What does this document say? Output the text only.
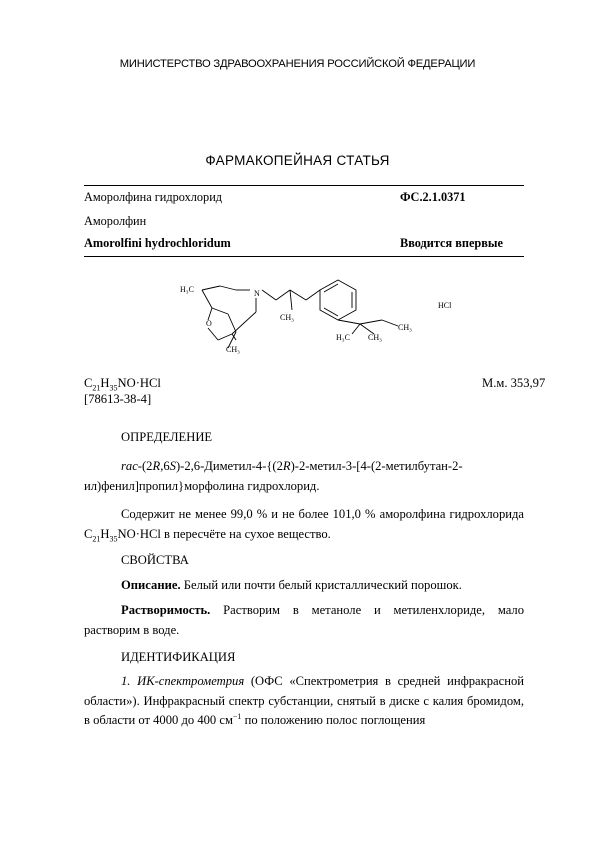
МИНИСТЕРСТВО ЗДРАВООХРАНЕНИЯ РОССИЙСКОЙ ФЕДЕРАЦИИ
ФАРМАКОПЕЙНАЯ СТАТЬЯ
Аморолфина гидрохлорид	ФС.2.1.0371
Аморолфин
Amorolfini hydrochloridum	Вводится впервые
H₃C	N
O
CH₃
CH₃
CH₃
H₃C CH₃
HCl
$C_{21}H_{35}NO\cdot HCl$	М.м. 353,97
[78613-38-4]
ОПРЕДЕЛЕНИЕ
rac-(2R,6S)-2,6-Диметил-4-{(2R)-2-метил-3-[4-(2-метилбутан-2-ил)фенил]пропил}морфолина гидрохлорид.
Содержит не менее 99,0 % и не более 101,0 % аморолфина гидрохлорида $C_{21}H_{35}NO\cdot HCl$ в пересчёте на сухое вещество.
СВОЙСТВА
Описание. Белый или почти белый кристаллический порошок.
Растворимость. Растворим в метаноле и метиленхлориде, мало растворим в воде.
ИДЕНТИФИКАЦИЯ
1. ИК-спектрометрия (ОФС «Спектрометрия в средней инфракрасной области»). Инфракрасный спектр субстанции, снятый в диске с калия бромидом, в области от 4000 до 400 $см^{-1}$ по положению полос поглощения
